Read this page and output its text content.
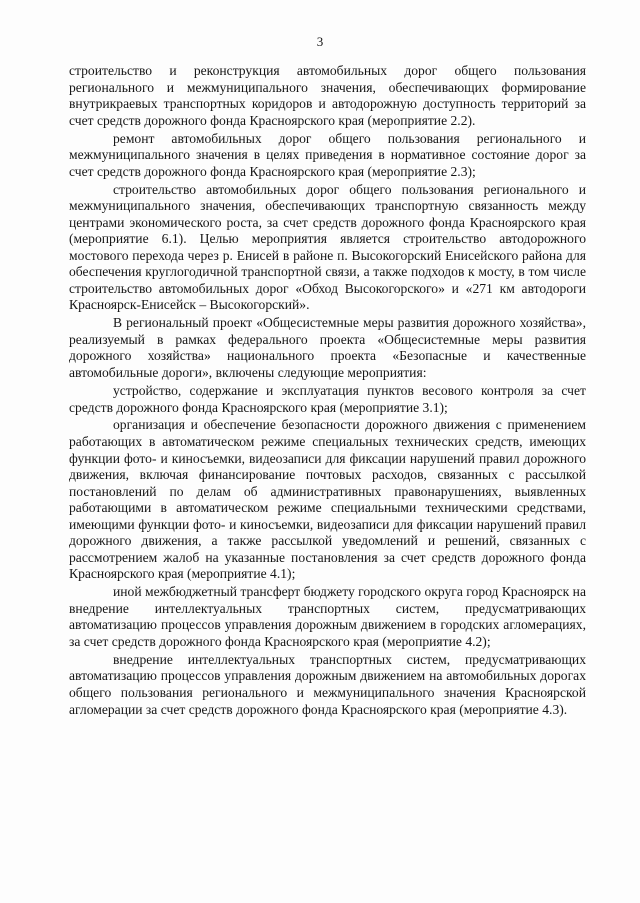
3

строительство и реконструкция автомобильных дорог общего пользования регионального и межмуниципального значения, обеспечивающих формирование внутрикраевых транспортных коридоров и автодорожную доступность территорий за счет средств дорожного фонда Красноярского края (мероприятие 2.2).

ремонт автомобильных дорог общего пользования регионального и межмуниципального значения в целях приведения в нормативное состояние дорог за счет средств дорожного фонда Красноярского края (мероприятие 2.3);

строительство автомобильных дорог общего пользования регионального и межмуниципального значения, обеспечивающих транспортную связанность между центрами экономического роста, за счет средств дорожного фонда Красноярского края (мероприятие 6.1). Целью мероприятия является строительство автодорожного мостового перехода через р. Енисей в районе п. Высокогорский Енисейского района для обеспечения круглогодичной транспортной связи, а также подходов к мосту, в том числе строительство автомобильных дорог «Обход Высокогорского» и «271 км автодороги Красноярск-Енисейск – Высокогорский».

В региональный проект «Общесистемные меры развития дорожного хозяйства», реализуемый в рамках федерального проекта «Общесистемные меры развития дорожного хозяйства» национального проекта «Безопасные и качественные автомобильные дороги», включены следующие мероприятия:

устройство, содержание и эксплуатация пунктов весового контроля за счет средств дорожного фонда Красноярского края (мероприятие 3.1);

организация и обеспечение безопасности дорожного движения с применением работающих в автоматическом режиме специальных технических средств, имеющих функции фото- и киносъемки, видеозаписи для фиксации нарушений правил дорожного движения, включая финансирование почтовых расходов, связанных с рассылкой постановлений по делам об административных правонарушениях, выявленных работающими в автоматическом режиме специальными техническими средствами, имеющими функции фото- и киносъемки, видеозаписи для фиксации нарушений правил дорожного движения, а также рассылкой уведомлений и решений, связанных с рассмотрением жалоб на указанные постановления за счет средств дорожного фонда Красноярского края (мероприятие 4.1);

иной межбюджетный трансферт бюджету городского округа город Красноярск на внедрение интеллектуальных транспортных систем, предусматривающих автоматизацию процессов управления дорожным движением в городских агломерациях, за счет средств дорожного фонда Красноярского края (мероприятие 4.2);

внедрение интеллектуальных транспортных систем, предусматривающих автоматизацию процессов управления дорожным движением на автомобильных дорогах общего пользования регионального и межмуниципального значения Красноярской агломерации за счет средств дорожного фонда Красноярского края (мероприятие 4.3).
